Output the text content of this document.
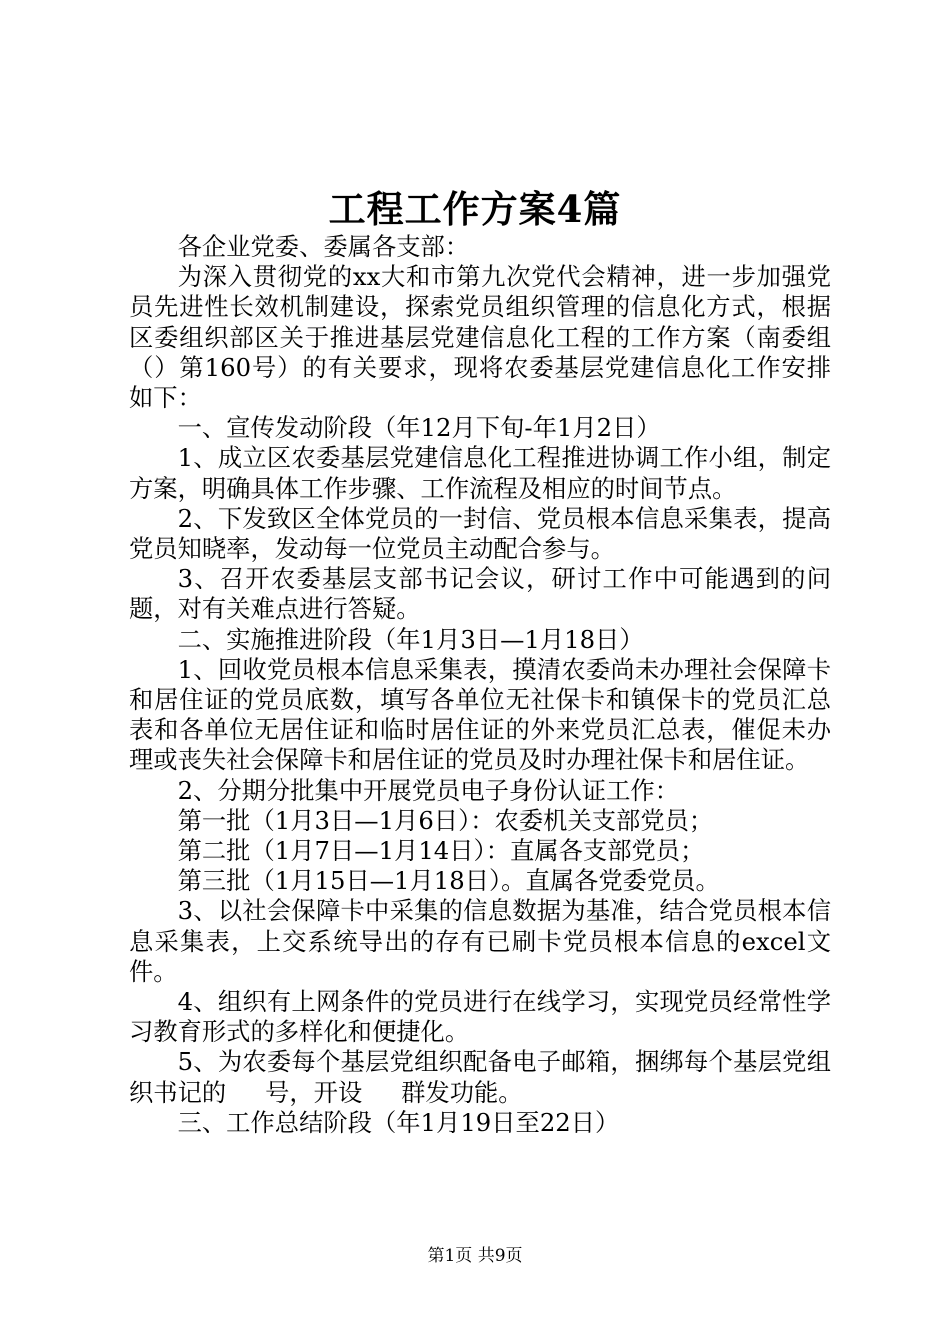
工程工作方案4篇

各企业党委、委属各支部：

为深入贯彻党的xx大和市第九次党代会精神，进一步加强党员先进性长效机制建设，探索党员组织管理的信息化方式，根据区委组织部区关于推进基层党建信息化工程的工作方案（南委组（）第160号）的有关要求，现将农委基层党建信息化工作安排如下：

一、宣传发动阶段（年12月下旬-年1月2日）

1、成立区农委基层党建信息化工程推进协调工作小组，制定方案，明确具体工作步骤、工作流程及相应的时间节点。

2、下发致区全体党员的一封信、党员根本信息采集表，提高党员知晓率，发动每一位党员主动配合参与。

3、召开农委基层支部书记会议，研讨工作中可能遇到的问题，对有关难点进行答疑。

二、实施推进阶段（年1月3日—1月18日）

1、回收党员根本信息采集表，摸清农委尚未办理社会保障卡和居住证的党员底数，填写各单位无社保卡和镇保卡的党员汇总表和各单位无居住证和临时居住证的外来党员汇总表，催促未办理或丧失社会保障卡和居住证的党员及时办理社保卡和居住证。

2、分期分批集中开展党员电子身份认证工作：

第一批（1月3日—1月6日）：农委机关支部党员；

第二批（1月7日—1月14日）：直属各支部党员；

第三批（1月15日—1月18日）。直属各党委党员。

3、以社会保障卡中采集的信息数据为基准，结合党员根本信息采集表，上交系统导出的存有已刷卡党员根本信息的excel文件。

4、组织有上网条件的党员进行在线学习，实现党员经常性学习教育形式的多样化和便捷化。

5、为农委每个基层党组织配备电子邮箱，捆绑每个基层党组织书记的 号，开设 群发功能。

三、工作总结阶段（年1月19日至22日）

第1页 共9页
